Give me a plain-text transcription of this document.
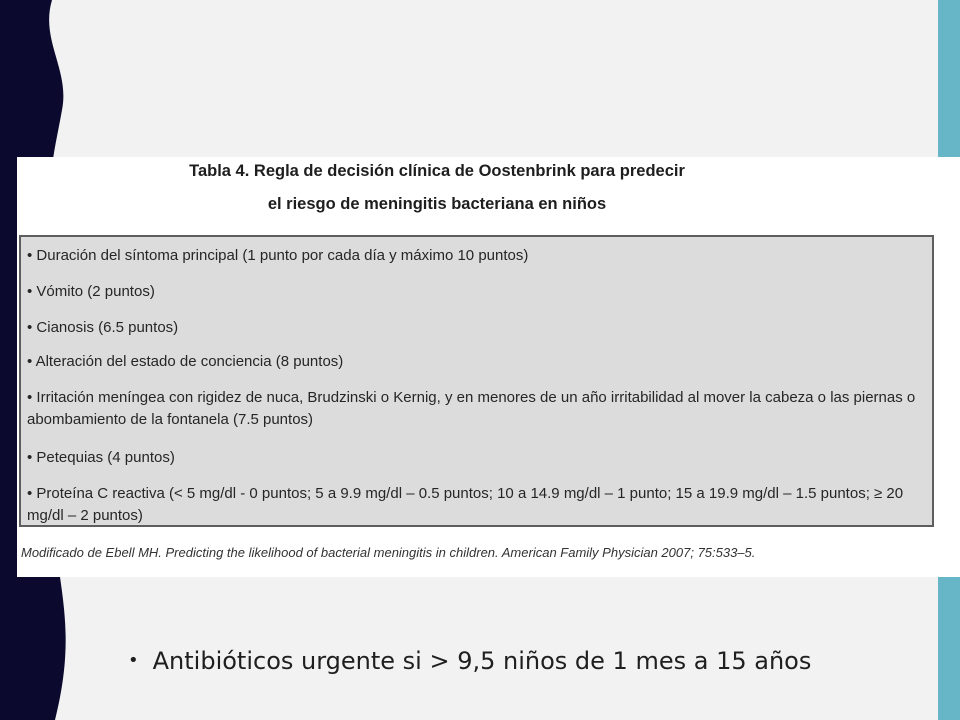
Tabla 4. Regla de decisión clínica de Oostenbrink para predecir
el riesgo de meningitis bacteriana en niños
• Duración del síntoma principal (1 punto por cada día y máximo 10 puntos)
• Vómito (2 puntos)
• Cianosis (6.5 puntos)
• Alteración del estado de conciencia (8 puntos)
• Irritación meníngea con rigidez de nuca, Brudzinski o Kernig, y en menores de un año irritabilidad al mover la cabeza o las piernas o abombamiento de la fontanela (7.5 puntos)
• Petequias (4 puntos)
• Proteína C reactiva (< 5 mg/dl - 0 puntos; 5 a 9.9 mg/dl – 0.5 puntos; 10 a 14.9 mg/dl – 1 punto; 15 a 19.9 mg/dl – 1.5 puntos; ≥ 20 mg/dl – 2 puntos)
Modificado de Ebell MH. Predicting the likelihood of bacterial meningitis in children. American Family Physician 2007; 75:533–5.
• Antibióticos urgente si > 9,5 niños de 1 mes a 15 años
